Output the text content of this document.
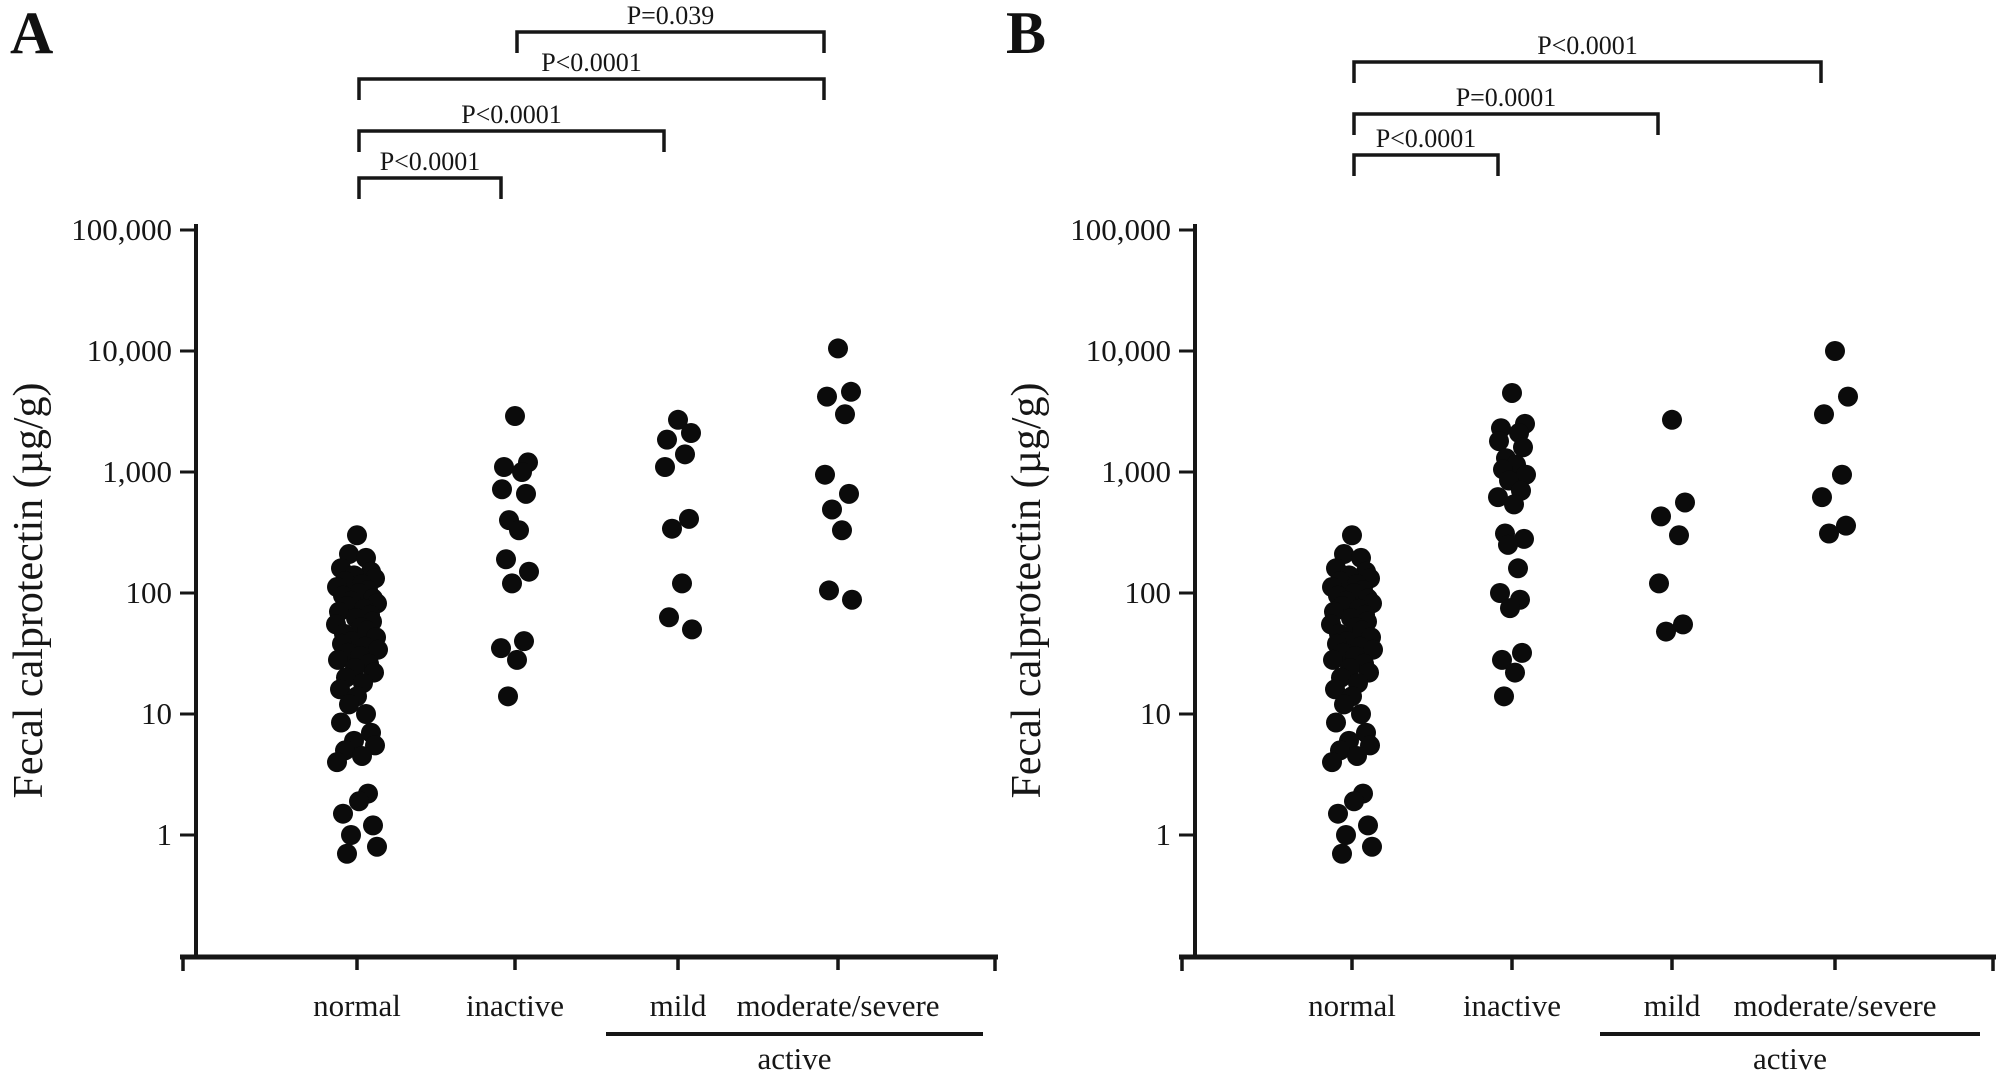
A	B
100,000
10,000
1,000
100
10
1
normal inactive	mild moderate/severe
active
Fecal calprotectin (µg/g)
P=0.039
P<0.0001
P<0.0001
P<0.0001
100,000
10,000
1,000
100
10
1
normal inactive	mild moderate/severe
active
Fecal calprotectin (µg/g)
P<0.0001
P=0.0001
P<0.0001
